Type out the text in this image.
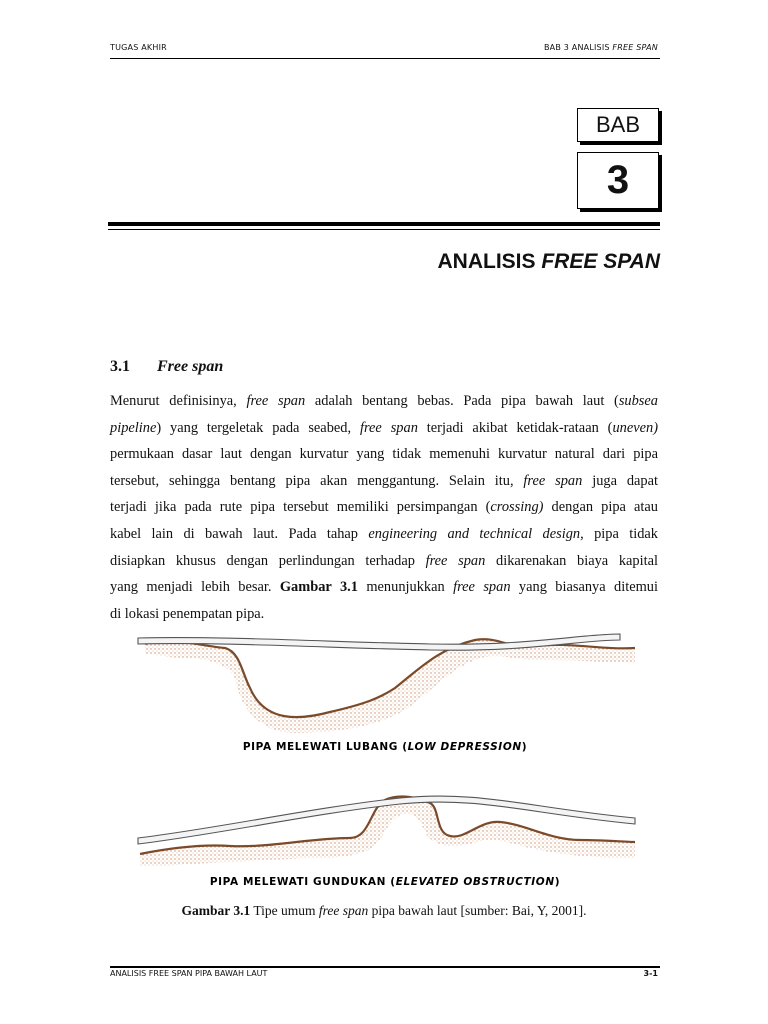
TUGAS AKHIR	BAB 3 ANALISIS FREE SPAN
BAB
3
ANALISIS FREE SPAN
3.1 Free span
Menurut definisinya, free span adalah bentang bebas. Pada pipa bawah laut (subsea
pipeline) yang tergeletak pada seabed, free span terjadi akibat ketidak-rataan (uneven)
permukaan dasar laut dengan kurvatur yang tidak memenuhi kurvatur natural dari pipa
tersebut, sehingga bentang pipa akan menggantung. Selain itu, free span juga dapat
terjadi jika pada rute pipa tersebut memiliki persimpangan (crossing) dengan pipa atau
kabel lain di bawah laut. Pada tahap engineering and technical design, pipa tidak
disiapkan khusus dengan perlindungan terhadap free span dikarenakan biaya kapital
yang menjadi lebih besar. Gambar 3.1 menunjukkan free span yang biasanya ditemui
di lokasi penempatan pipa.
PIPA MELEWATI LUBANG (LOW DEPRESSION)
PIPA MELEWATI GUNDUKAN (ELEVATED OBSTRUCTION)
Gambar 3.1 Tipe umum free span pipa bawah laut [sumber: Bai, Y, 2001].
ANALISIS FREE SPAN PIPA BAWAH LAUT	3-1
